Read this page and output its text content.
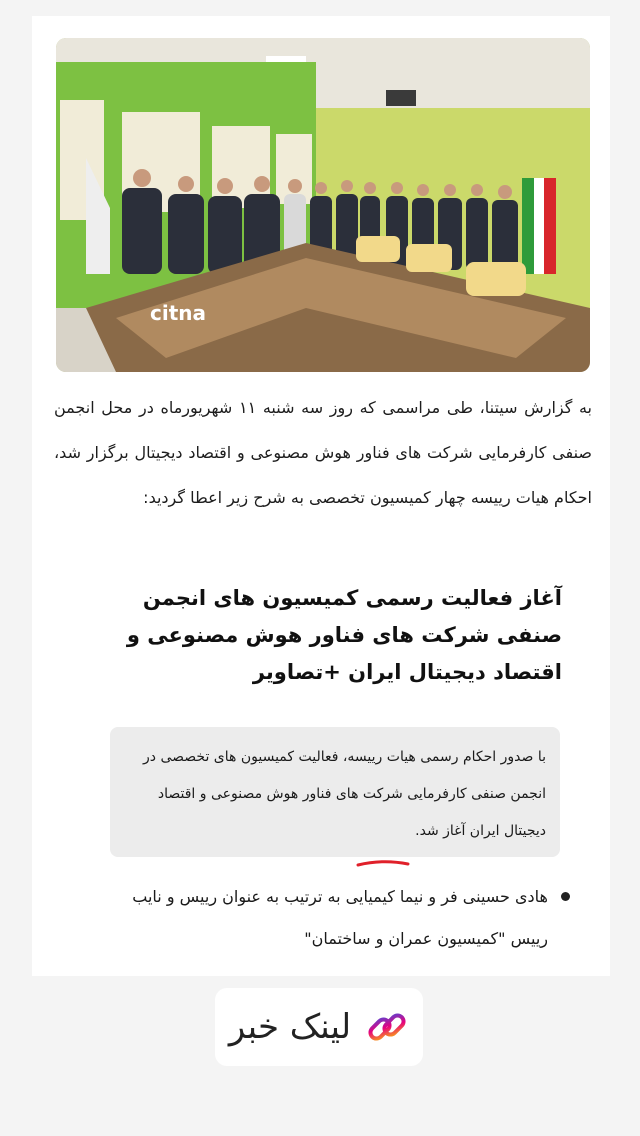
citna
به گزارش سیتنا، طی مراسمی که روز سه شنبه ۱۱ شهریورماه در محل انجمن صنفی کارفرمایی شرکت های فناور هوش مصنوعی و اقتصاد دیجیتال برگزار شد، احکام هیات رییسه چهار کمیسیون تخصصی به شرح زیر اعطا گردید:
آغاز فعالیت رسمی کمیسیون های انجمن صنفی شرکت های فناور هوش مصنوعی و اقتصاد دیجیتال ایران +تصاویر
با صدور احکام رسمی هیات رییسه، فعالیت کمیسیون های تخصصی در انجمن صنفی کارفرمایی شرکت های فناور هوش مصنوعی و اقتصاد دیجیتال ایران آغاز شد.
هادی حسینی فر و نیما کیمیایی به ترتیب به عنوان رییس و نایب رییس "کمیسیون عمران و ساختمان"
لینک خبر
